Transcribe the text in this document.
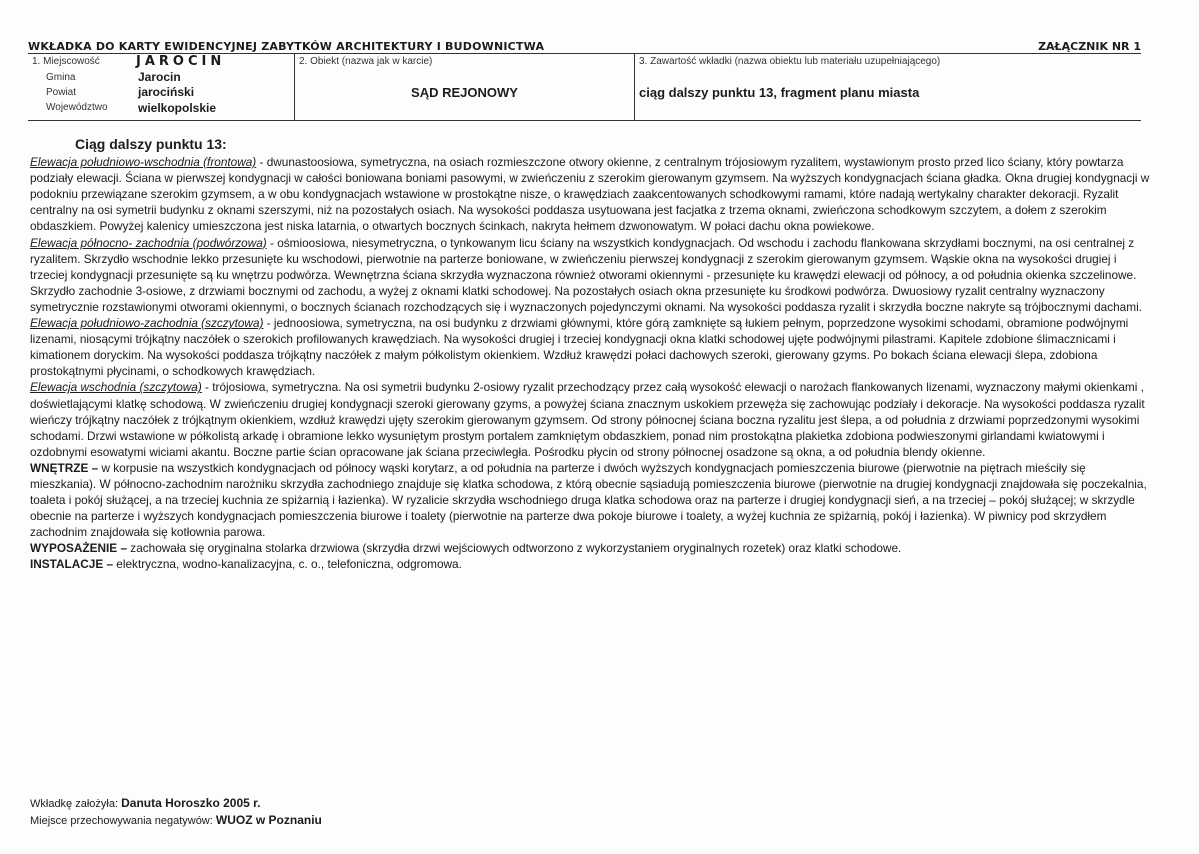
WKŁADKA DO KARTY EWIDENCYJNEJ ZABYTKÓW ARCHITEKTURY I BUDOWNICTWA	ZAŁĄCZNIK NR 1
1. Miejscowość	JAROCIN
Gmina	Jarocin
Powiat	jarociński
Województwo	wielkopolskie
2. Obiekt (nazwa jak w karcie)
SĄD REJONOWY
3. Zawartość wkładki (nazwa obiektu lub materiału uzupełniającego)
ciąg dalszy punktu 13, fragment planu miasta
Ciąg dalszy punktu 13:

Elewacja południowo-wschodnia (frontowa) - dwunastoosiowa, symetryczna, na osiach rozmieszczone otwory okienne, z centralnym trójosiowym ryzalitem, wystawionym prosto przed lico ściany, który powtarza podziały elewacji. Ściana w pierwszej kondygnacji w całości boniowana boniami pasowymi, w zwieńczeniu z szerokim gierowanym gzymsem. Na wyższych kondygnacjach ściana gładka. Okna drugiej kondygnacji w podokniu przewiązane szerokim gzymsem, a w obu kondygnacjach wstawione w prostokątne nisze, o krawędziach zaakcentowanych schodkowymi ramami, które nadają wertykalny charakter dekoracji. Ryzalit centralny na osi symetrii budynku z oknami szerszymi, niż na pozostałych osiach. Na wysokości poddasza usytuowana jest facjatka z trzema oknami, zwieńczona schodkowym szczytem, a dołem z szerokim obdaszkiem. Powyżej kalenicy umieszczona jest niska latarnia, o otwartych bocznych ścinkach, nakryta hełmem dzwonowatym. W połaci dachu okna powiekowe.

Elewacja północno- zachodnia (podwórzowa) - ośmioosiowa, niesymetryczna, o tynkowanym licu ściany na wszystkich kondygnacjach. Od wschodu i zachodu flankowana skrzydłami bocznymi, na osi centralnej z ryzalitem. Skrzydło wschodnie lekko przesunięte ku wschodowi, pierwotnie na parterze boniowane, w zwieńczeniu pierwszej kondygnacji z szerokim gierowanym gzymsem. Wąskie okna na wysokości drugiej i trzeciej kondygnacji przesunięte są ku wnętrzu podwórza. Wewnętrzna ściana skrzydła wyznaczona również otworami okiennymi - przesunięte ku krawędzi elewacji od północy, a od południa okienka szczelinowe. Skrzydło zachodnie 3-osiowe, z drzwiami bocznymi od zachodu, a wyżej z oknami klatki schodowej. Na pozostałych osiach okna przesunięte ku środkowi podwórza. Dwuosiowy ryzalit centralny wyznaczony symetrycznie rozstawionymi otworami okiennymi, o bocznych ścianach rozchodzących się i wyznaczonych pojedynczymi oknami. Na wysokości poddasza ryzalit i skrzydła boczne nakryte są trójbocznymi dachami.

Elewacja południowo-zachodnia (szczytowa) - jednoosiowa, symetryczna, na osi budynku z drzwiami głównymi, które górą zamknięte są łukiem pełnym, poprzedzone wysokimi schodami, obramione podwójnymi lizenami, niosącymi trójkątny naczółek o szerokich profilowanych krawędziach. Na wysokości drugiej i trzeciej kondygnacji okna klatki schodowej ujęte podwójnymi pilastrami. Kapitele zdobione ślimacznicami i kimationem doryckim. Na wysokości poddasza trójkątny naczółek z małym półkolistym okienkiem. Wzdłuż krawędzi połaci dachowych szeroki, gierowany gzyms. Po bokach ściana elewacji ślepa, zdobiona prostokątnymi płycinami, o schodkowych krawędziach.

Elewacja wschodnia (szczytowa) - trójosiowa, symetryczna. Na osi symetrii budynku 2-osiowy ryzalit przechodzący przez całą wysokość elewacji o narożach flankowanych lizenami, wyznaczony małymi okienkami , doświetlającymi klatkę schodową. W zwieńczeniu drugiej kondygnacji szeroki gierowany gzyms, a powyżej ściana znacznym uskokiem przewęża się zachowując podziały i dekoracje. Na wysokości poddasza ryzalit wieńczy trójkątny naczółek z trójkątnym okienkiem, wzdłuż krawędzi ujęty szerokim gierowanym gzymsem. Od strony północnej ściana boczna ryzalitu jest ślepa, a od południa z drzwiami poprzedzonymi wysokimi schodami. Drzwi wstawione w półkolistą arkadę i obramione lekko wysuniętym prostym portalem zamkniętym obdaszkiem, ponad nim prostokątna plakietka zdobiona podwieszonymi girlandami kwiatowymi i ozdobnymi esowatymi wiciami akantu. Boczne partie ścian opracowane jak ściana przeciwległa. Pośrodku płycin od strony północnej osadzone są okna, a od południa blendy okienne.

WNĘTRZE – w korpusie na wszystkich kondygnacjach od północy wąski korytarz, a od południa na parterze i dwóch wyższych kondygnacjach pomieszczenia biurowe (pierwotnie na piętrach mieściły się mieszkania). W północno-zachodnim narożniku skrzydła zachodniego znajduje się klatka schodowa, z którą obecnie sąsiadują pomieszczenia biurowe (pierwotnie na drugiej kondygnacji znajdowała się poczekalnia, toaleta i pokój służącej, a na trzeciej kuchnia ze spiżarnią i łazienka). W ryzalicie skrzydła wschodniego druga klatka schodowa oraz na parterze i drugiej kondygnacji sień, a na trzeciej – pokój służącej; w skrzydle obecnie na parterze i wyższych kondygnacjach pomieszczenia biurowe i toalety (pierwotnie na parterze dwa pokoje biurowe i toalety, a wyżej kuchnia ze spiżarnią, pokój i łazienka). W piwnicy pod skrzydłem zachodnim znajdowała się kotłownia parowa.

WYPOSAŻENIE – zachowała się oryginalna stolarka drzwiowa (skrzydła drzwi wejściowych odtworzono z wykorzystaniem oryginalnych rozetek) oraz klatki schodowe.

INSTALACJE – elektryczna, wodno-kanalizacyjna, c. o., telefoniczna, odgromowa.

Wkładkę założyła: Danuta Horoszko 2005 r.
Miejsce przechowywania negatywów: WUOZ w Poznaniu
